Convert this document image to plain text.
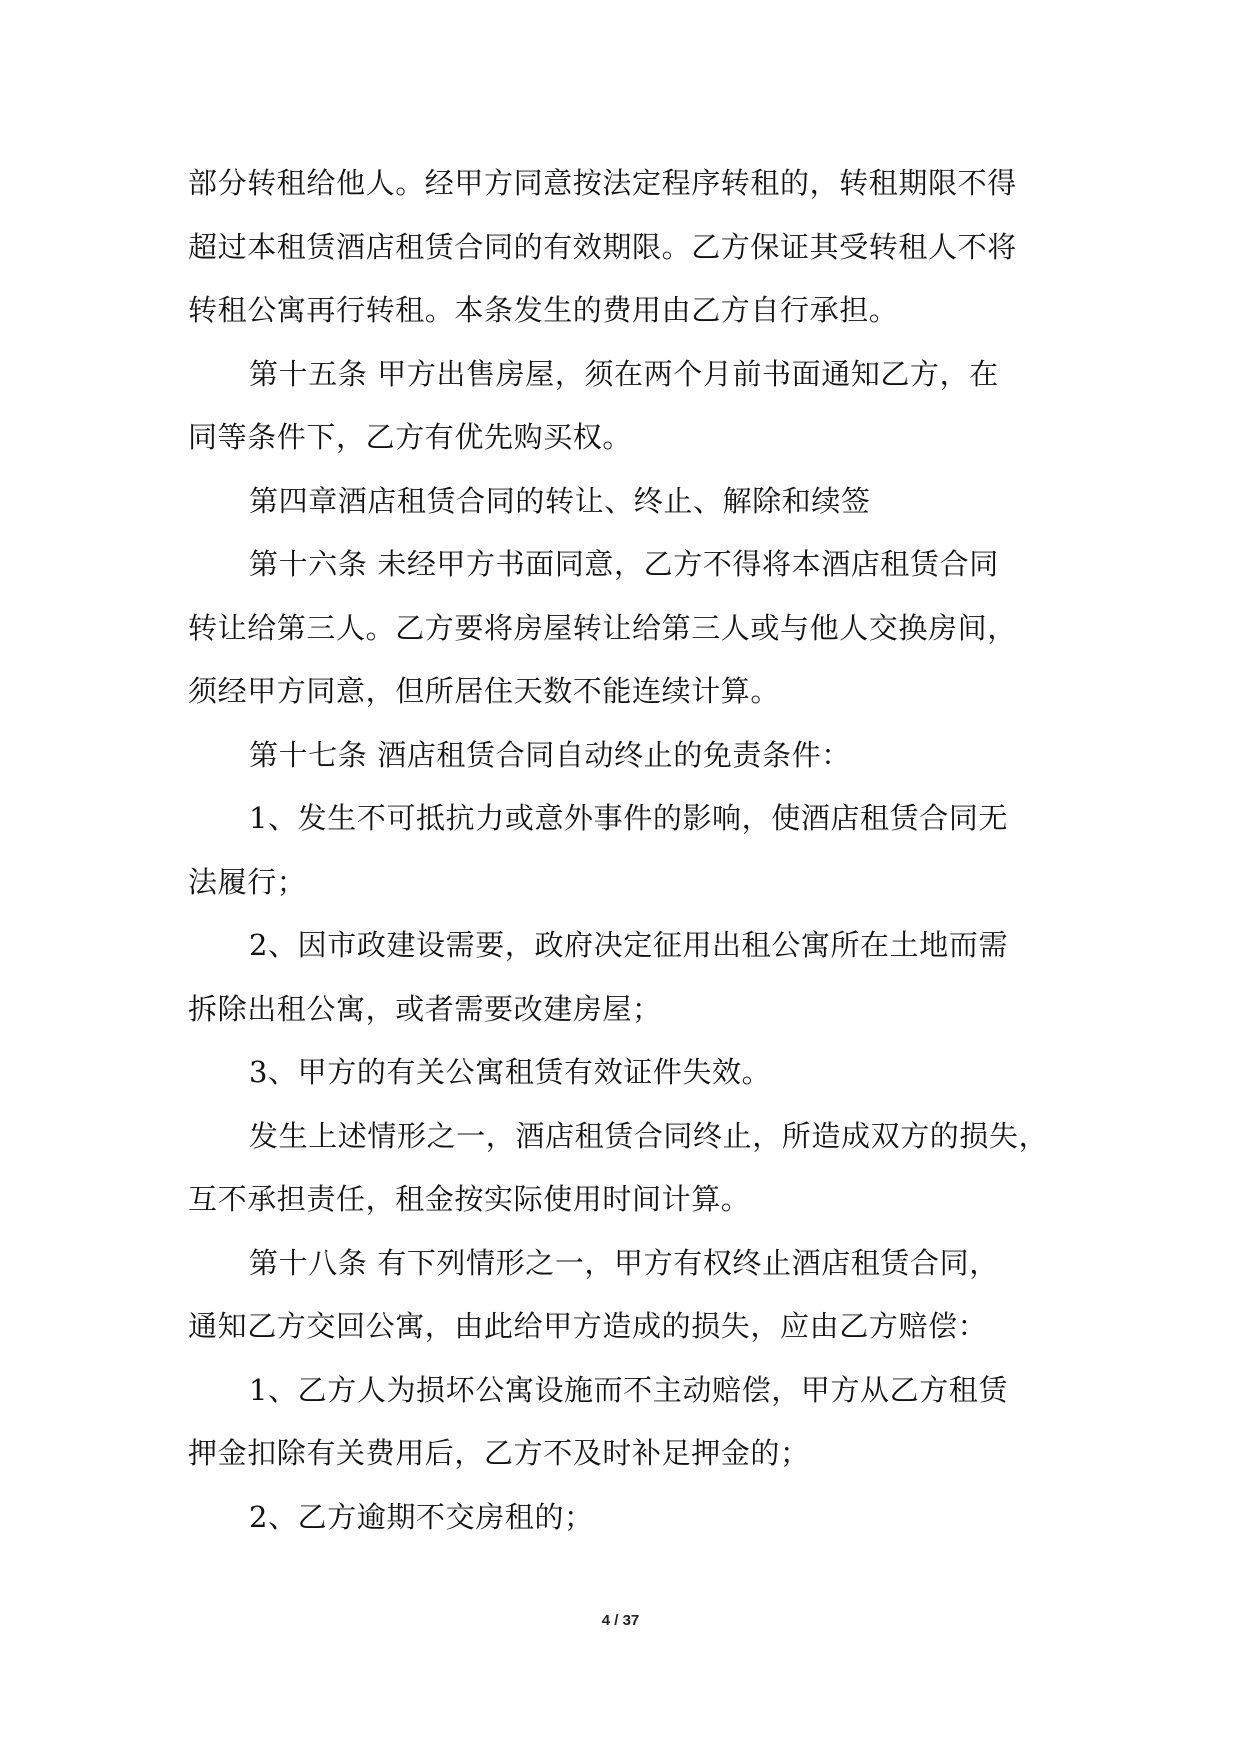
部分转租给他人。经甲方同意按法定程序转租的，转租期限不得
超过本租赁酒店租赁合同的有效期限。乙方保证其受转租人不将
转租公寓再行转租。本条发生的费用由乙方自行承担。
第十五条 甲方出售房屋，须在两个月前书面通知乙方，在
同等条件下，乙方有优先购买权。
第四章酒店租赁合同的转让、终止、解除和续签
第十六条 未经甲方书面同意，乙方不得将本酒店租赁合同
转让给第三人。乙方要将房屋转让给第三人或与他人交换房间，
须经甲方同意，但所居住天数不能连续计算。
第十七条 酒店租赁合同自动终止的免责条件：
1、发生不可抵抗力或意外事件的影响，使酒店租赁合同无
法履行；
2、因市政建设需要，政府决定征用出租公寓所在土地而需
拆除出租公寓，或者需要改建房屋；
3、甲方的有关公寓租赁有效证件失效。
发生上述情形之一，酒店租赁合同终止，所造成双方的损失，
互不承担责任，租金按实际使用时间计算。
第十八条 有下列情形之一，甲方有权终止酒店租赁合同，
通知乙方交回公寓，由此给甲方造成的损失，应由乙方赔偿：
1、乙方人为损坏公寓设施而不主动赔偿，甲方从乙方租赁
押金扣除有关费用后，乙方不及时补足押金的；
2、乙方逾期不交房租的；
4 / 37
